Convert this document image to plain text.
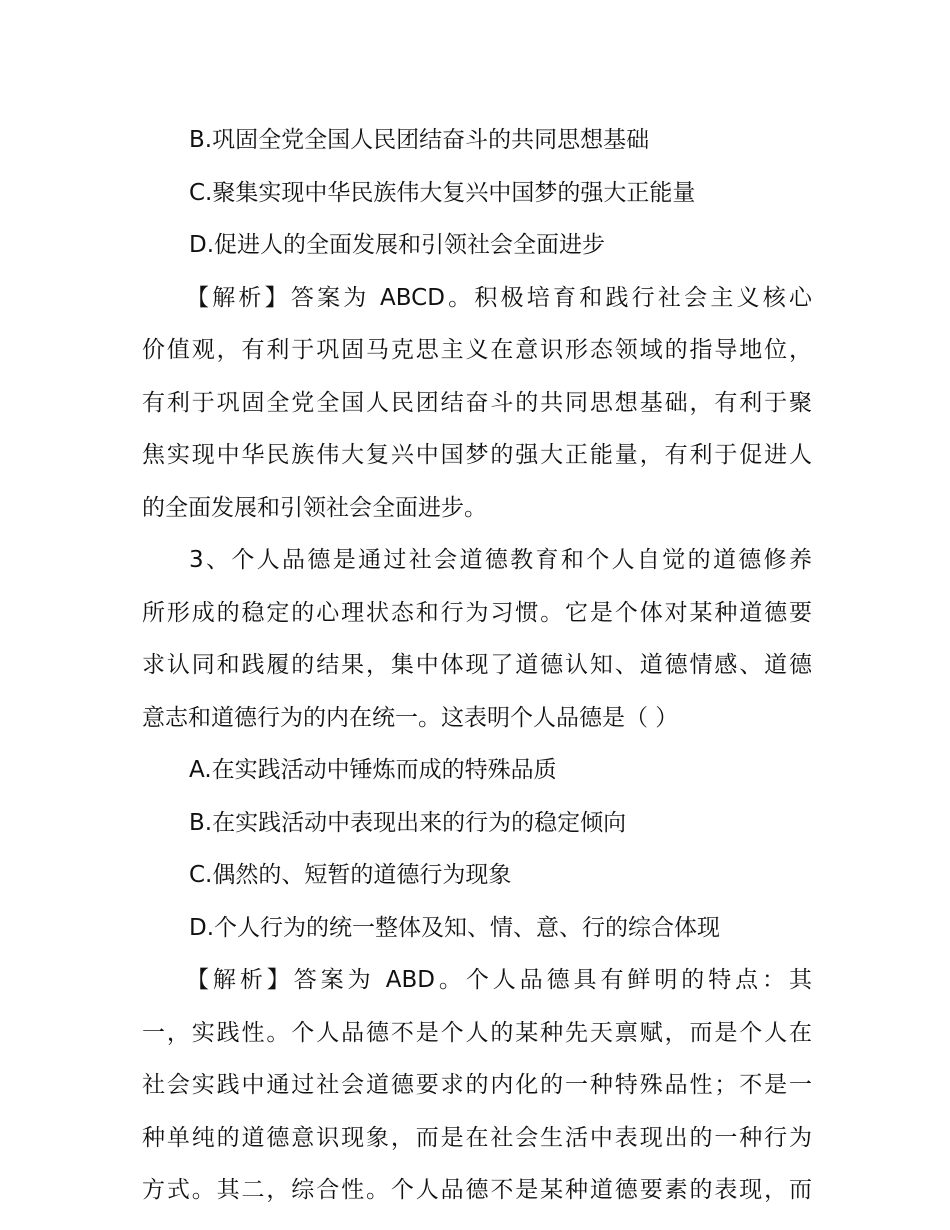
B.巩固全党全国人民团结奋斗的共同思想基础
C.聚集实现中华民族伟大复兴中国梦的强大正能量
D.促进人的全面发展和引领社会全面进步
【解析】答案为 ABCD。积极培育和践行社会主义核心
价值观，有利于巩固马克思主义在意识形态领域的指导地位，
有利于巩固全党全国人民团结奋斗的共同思想基础，有利于聚
焦实现中华民族伟大复兴中国梦的强大正能量，有利于促进人
的全面发展和引领社会全面进步。
3、个人品德是通过社会道德教育和个人自觉的道德修养
所形成的稳定的心理状态和行为习惯。它是个体对某种道德要
求认同和践履的结果，集中体现了道德认知、道德情感、道德
意志和道德行为的内在统一。这表明个人品德是（ ）
A.在实践活动中锤炼而成的特殊品质
B.在实践活动中表现出来的行为的稳定倾向
C.偶然的、短暂的道德行为现象
D.个人行为的统一整体及知、情、意、行的综合体现
【解析】答案为 ABD。个人品德具有鲜明的特点：其
一，实践性。个人品德不是个人的某种先天禀赋，而是个人在
社会实践中通过社会道德要求的内化的一种特殊品性；不是一
种单纯的道德意识现象，而是在社会生活中表现出的一种行为
方式。其二，综合性。个人品德不是某种道德要素的表现，而
